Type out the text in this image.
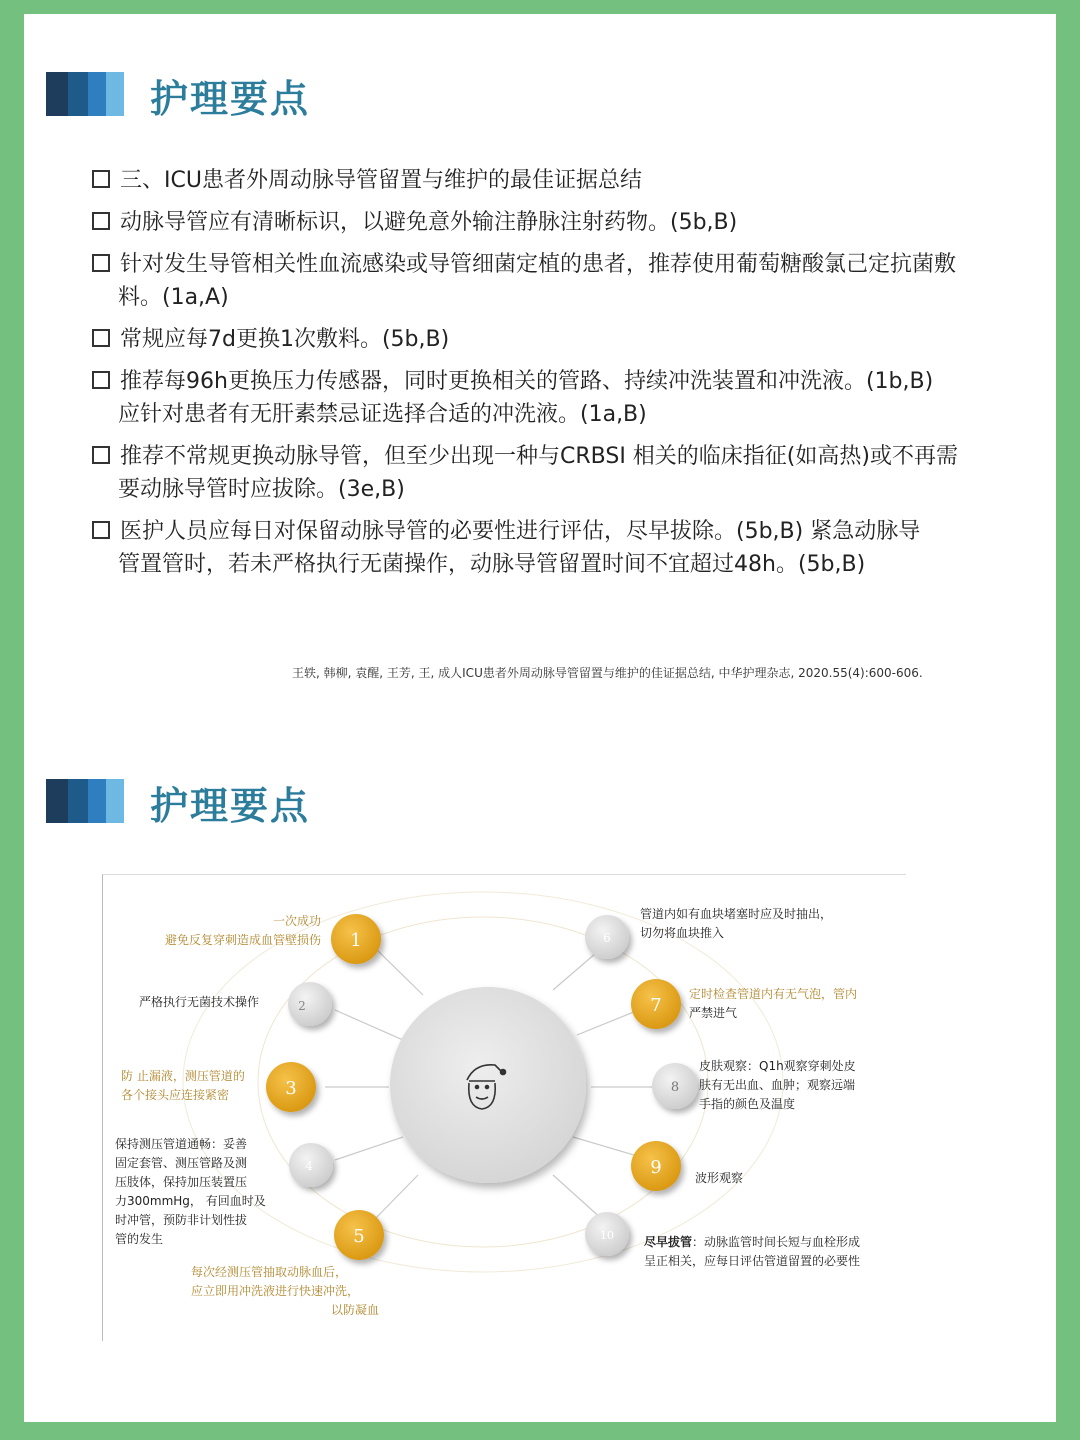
护理要点
三、ICU患者外周动脉导管留置与维护的最佳证据总结
动脉导管应有清晰标识，以避免意外输注静脉注射药物。(5b,B)
针对发生导管相关性血流感染或导管细菌定植的患者，推荐使用葡萄糖酸氯己定抗菌敷
料。(1a,A)
常规应每7d更换1次敷料。(5b,B)
推荐每96h更换压力传感器，同时更换相关的管路、持续冲洗装置和冲洗液。(1b,B)
应针对患者有无肝素禁忌证选择合适的冲洗液。(1a,B)
推荐不常规更换动脉导管，但至少出现一种与CRBSI 相关的临床指征(如高热)或不再需
要动脉导管时应拔除。(3e,B)
医护人员应每日对保留动脉导管的必要性进行评估，尽早拔除。(5b,B) 紧急动脉导
管置管时，若未严格执行无菌操作，动脉导管留置时间不宜超过48h。(5b,B)
王轶, 韩柳, 袁醒, 王芳, 王, 成人ICU患者外周动脉导管留置与维护的佳证据总结, 中华护理杂志, 2020.55(4):600-606.
护理要点
1
2
3
4
5
6
7
8
9
10
一次成功
避免反复穿刺造成血管壁损伤
严格执行无菌技术操作
防 止漏液，测压管道的
各个接头应连接紧密
保持测压管道通畅：妥善
固定套管、测压管路及测
压肢体，保持加压装置压
力300mmHg， 有回血时及
时冲管，预防非计划性拔
管的发生
每次经测压管抽取动脉血后，
应立即用冲洗液进行快速冲洗，
以防凝血
管道内如有血块堵塞时应及时抽出，
切勿将血块推入
定时检查管道内有无气泡，管内
严禁进气
皮肤观察：Q1h观察穿刺处皮
肤有无出血、血肿；观察远端
手指的颜色及温度
波形观察
尽早拔管：动脉监管时间长短与血栓形成
呈正相关，应每日评估管道留置的必要性
